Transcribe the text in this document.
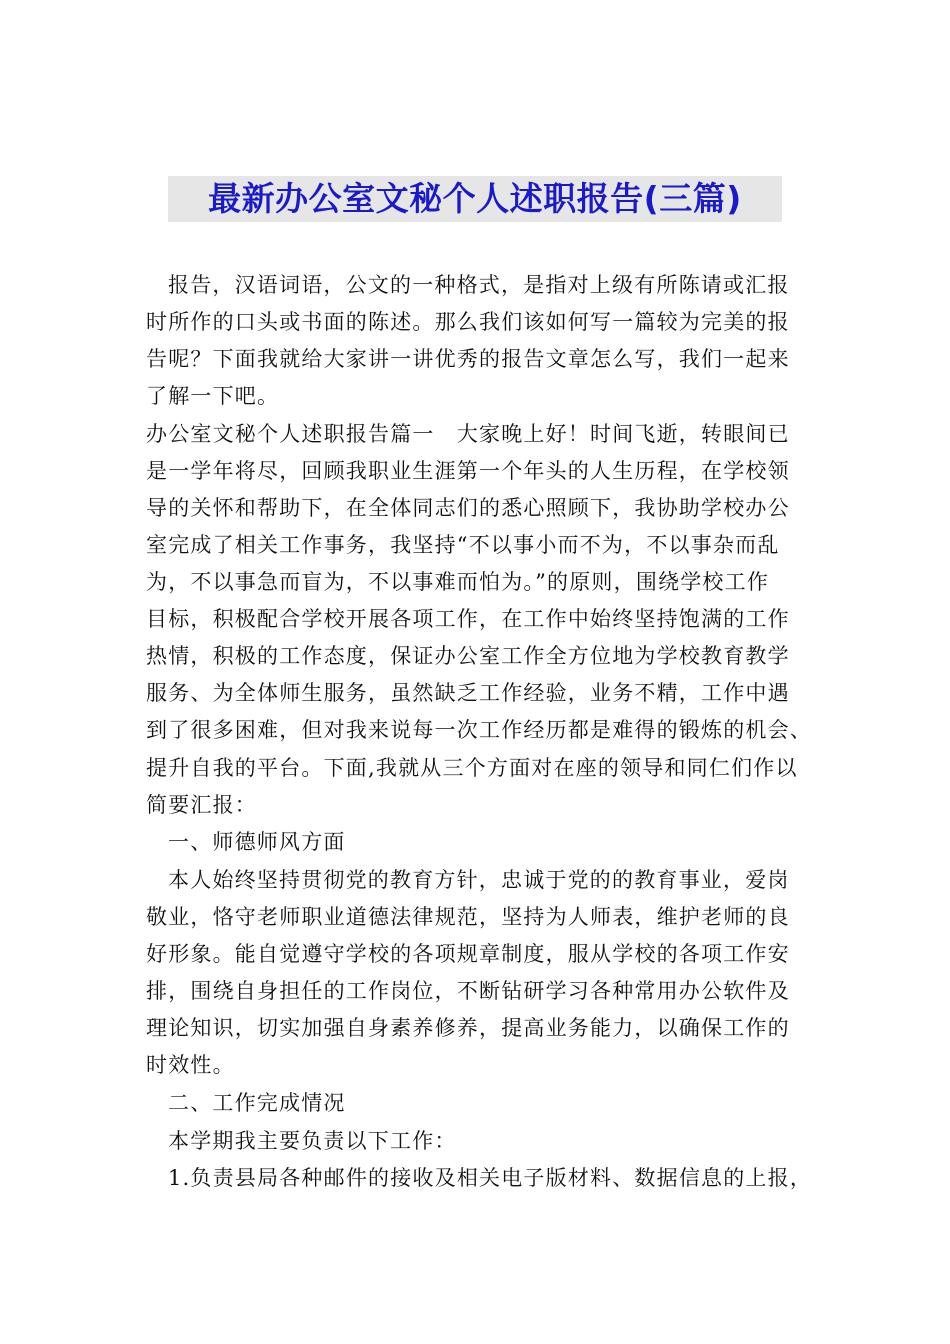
最新办公室文秘个人述职报告(三篇)
报告，汉语词语，公文的一种格式，是指对上级有所陈请或汇报
时所作的口头或书面的陈述。那么我们该如何写一篇较为完美的报
告呢？下面我就给大家讲一讲优秀的报告文章怎么写，我们一起来
了解一下吧。
办公室文秘个人述职报告篇一　大家晚上好！时间飞逝，转眼间已
是一学年将尽，回顾我职业生涯第一个年头的人生历程，在学校领
导的关怀和帮助下，在全体同志们的悉心照顾下，我协助学校办公
室完成了相关工作事务，我坚持“不以事小而不为，不以事杂而乱
为，不以事急而盲为，不以事难而怕为。”的原则，围绕学校工作
目标，积极配合学校开展各项工作，在工作中始终坚持饱满的工作
热情，积极的工作态度，保证办公室工作全方位地为学校教育教学
服务、为全体师生服务，虽然缺乏工作经验，业务不精，工作中遇
到了很多困难，但对我来说每一次工作经历都是难得的锻炼的机会、
提升自我的平台。下面,我就从三个方面对在座的领导和同仁们作以
简要汇报：
一、师德师风方面
本人始终坚持贯彻党的教育方针，忠诚于党的的教育事业，爱岗
敬业，恪守老师职业道德法律规范，坚持为人师表，维护老师的良
好形象。能自觉遵守学校的各项规章制度，服从学校的各项工作安
排，围绕自身担任的工作岗位，不断钻研学习各种常用办公软件及
理论知识，切实加强自身素养修养，提高业务能力，以确保工作的
时效性。
二、工作完成情况
本学期我主要负责以下工作：
1.负责县局各种邮件的接收及相关电子版材料、数据信息的上报，
